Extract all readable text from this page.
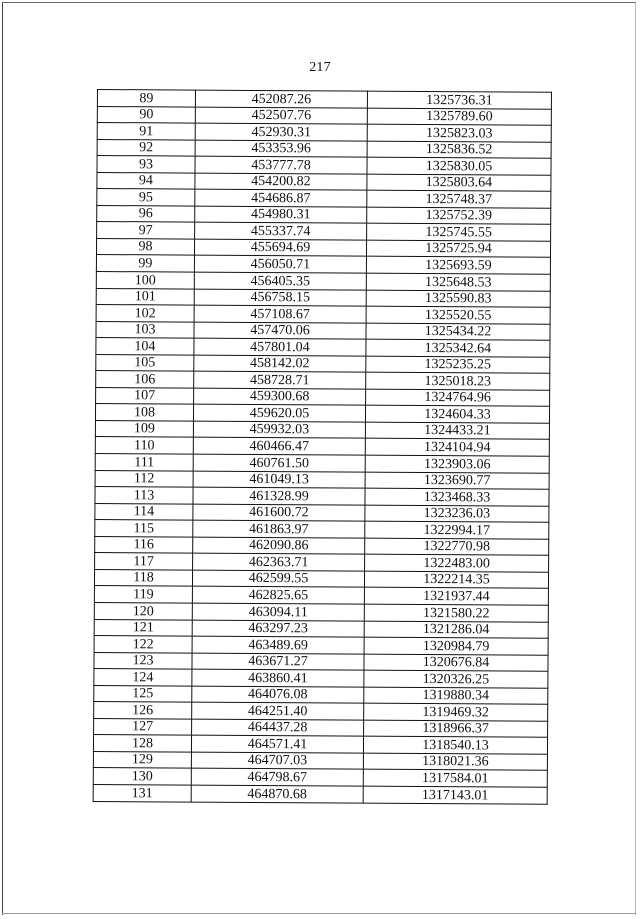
217
89	452087.26	1325736.31
90	452507.76	1325789.60
91	452930.31	1325823.03
92	453353.96	1325836.52
93	453777.78	1325830.05
94	454200.82	1325803.64
95	454686.87	1325748.37
96	454980.31	1325752.39
97	455337.74	1325745.55
98	455694.69	1325725.94
99	456050.71	1325693.59
100	456405.35	1325648.53
101	456758.15	1325590.83
102	457108.67	1325520.55
103	457470.06	1325434.22
104	457801.04	1325342.64
105	458142.02	1325235.25
106	458728.71	1325018.23
107	459300.68	1324764.96
108	459620.05	1324604.33
109	459932.03	1324433.21
110	460466.47	1324104.94
111	460761.50	1323903.06
112	461049.13	1323690.77
113	461328.99	1323468.33
114	461600.72	1323236.03
115	461863.97	1322994.17
116	462090.86	1322770.98
117	462363.71	1322483.00
118	462599.55	1322214.35
119	462825.65	1321937.44
120	463094.11	1321580.22
121	463297.23	1321286.04
122	463489.69	1320984.79
123	463671.27	1320676.84
124	463860.41	1320326.25
125	464076.08	1319880.34
126	464251.40	1319469.32
127	464437.28	1318966.37
128	464571.41	1318540.13
129	464707.03	1318021.36
130	464798.67	1317584.01
131	464870.68	1317143.01
